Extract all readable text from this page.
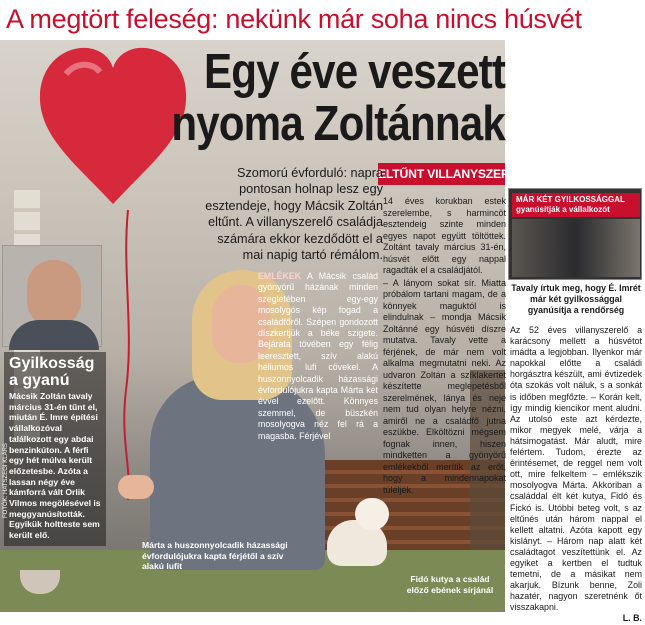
A megtört feleség: nekünk már soha nincs húsvét
Egy éve veszett
nyoma Zoltánnak
ELTŰNT VILLANYSZERELŐK
Szomorú évforduló: napra pontosan holnap lesz egy esztendeje, hogy Mácsik Zoltán eltűnt. A villanyszerelő családja számára ekkor kezdődött el a mai napig tartó rémálom.
Gyilkosság a gyanú
Mácsik Zoltán tavaly március 31-én tűnt el, miután É. Imre építési vállalkozóval találkozott egy abdai benzinkúton. A férfi egy hét múlva került előzetesbe. Azóta a lassan négy éve kámforrá vált Orlik Vilmos megölésével is meggyanúsították. Egyikük holtteste sem került elő.
EMLÉKEK A Mácsik család gyönyörű házának minden szegletében egy-egy mosolygós kép fogad a családfőről. Szépen gondozott díszkertjük a béke szigete. Bejárata tövében egy félig leeresztett, szív alakú héliumos lufi cövekel. A huszonnyolcadik házassági évfordulójukra kapta Márta két évvel ezelőtt. Könnyes szemmel, de büszkén mosolyogva néz fel rá a magasba. Férjével
FOTÓK: HATSZEGI KLÁRS
Márta a huszonnyolcadik házassági évfordulójukra kapta férjétől a szív alakú lufit
Fidó kutya a család előző ebének sírjánál

14 éves korukban estek szerelembe, s harmincöt esztendeig szinte minden egyes napot együtt töltöttek. Zoltánt tavaly március 31-én, húsvét előtt egy nappal ragadták el a családjától.

– A lányom sokat sír. Miatta próbálom tartani magam, de a könnyek maguktól is elindulnak – mondja Mácsik Zoltánné egy húsvéti díszre mutatva. Tavaly vette a férjének, de már nem volt alkalma megmutatni neki. Az udvaron Zoltán a szíklakertet készítette meglepetésből szerelmének, lánya és neje nem tud olyan helyre nézni, amiről ne a családfő jutna eszükbe. Elköltözni mégsem fognak innen, hiszen mindketten a gyönyörű emlékekből merítik az erőt, hogy a mindennapokat túléljék.

MÁR KÉT GYILKOSSÁGGAL gyanúsítják a vállalkozót
Tavaly írtuk meg, hogy É. Imrét már két gyilkossággal gyanúsítja a rendőrség
Az 52 éves villanyszerelő a karácsony mellett a húsvétot imádta a legjobban. Ilyenkor már napokkal előtte a családi horgásztra készült, ami évtizedek óta szokás volt náluk, s a sonkát is időben megfőzte. – Korán kelt, így mindig kiencikor ment aludni. Az utolsó este azt kérdezte, mikor megyek melé, várja a hátsimogatást. Már aludt, mire felértem. Tudom, érezte az érintésemet, de reggel nem volt ott, mire felkeltem – emlékszik mosolyogva Márta. Akkoriban a családdal élt két kutya, Fidó és Fickó is. Utóbbi beteg volt, s az eltűnés után három nappal el kellett altatni. Azóta kapott egy kislányt. – Három nap alatt két családtagot veszítettünk el. Az egyiket a kertben el tudtuk temetni, de a másikat nem akarjuk. Bízunk benne, Zoli hazatér, nagyon szeretnénk őt visszakapni.
L. B.
